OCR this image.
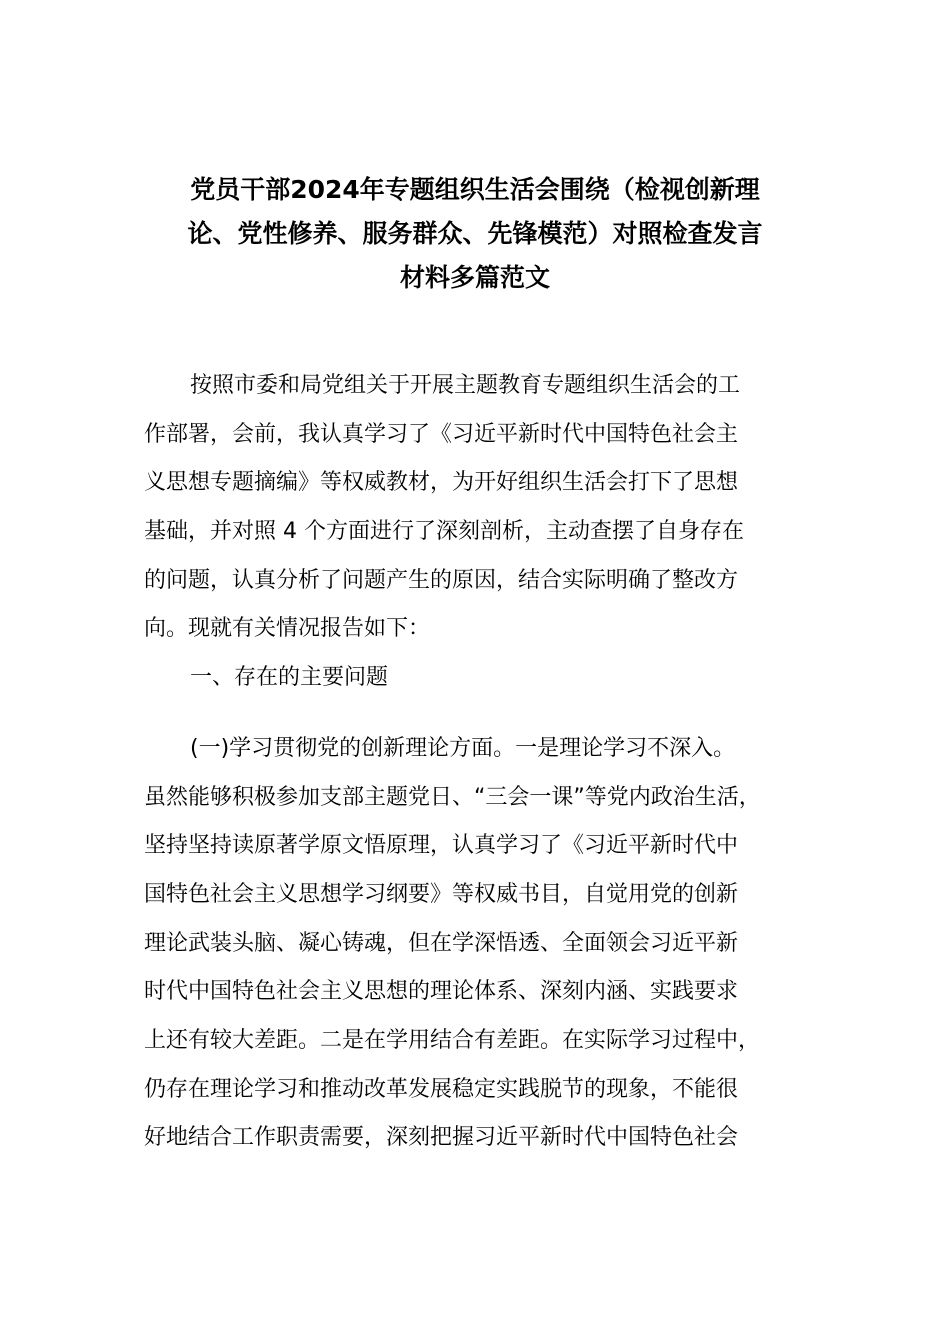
党员干部2024年专题组织生活会围绕（检视创新理
论、党性修养、服务群众、先锋模范）对照检查发言
材料多篇范文
按照市委和局党组关于开展主题教育专题组织生活会的工
作部署，会前，我认真学习了《习近平新时代中国特色社会主
义思想专题摘编》等权威教材，为开好组织生活会打下了思想
基础，并对照 4 个方面进行了深刻剖析，主动查摆了自身存在
的问题，认真分析了问题产生的原因，结合实际明确了整改方
向。现就有关情况报告如下：
一、存在的主要问题
(一)学习贯彻党的创新理论方面。一是理论学习不深入。
虽然能够积极参加支部主题党日、“三会一课”等党内政治生活，
坚持坚持读原著学原文悟原理，认真学习了《习近平新时代中
国特色社会主义思想学习纲要》等权威书目，自觉用党的创新
理论武装头脑、凝心铸魂，但在学深悟透、全面领会习近平新
时代中国特色社会主义思想的理论体系、深刻内涵、实践要求
上还有较大差距。二是在学用结合有差距。在实际学习过程中，
仍存在理论学习和推动改革发展稳定实践脱节的现象，不能很
好地结合工作职责需要，深刻把握习近平新时代中国特色社会
